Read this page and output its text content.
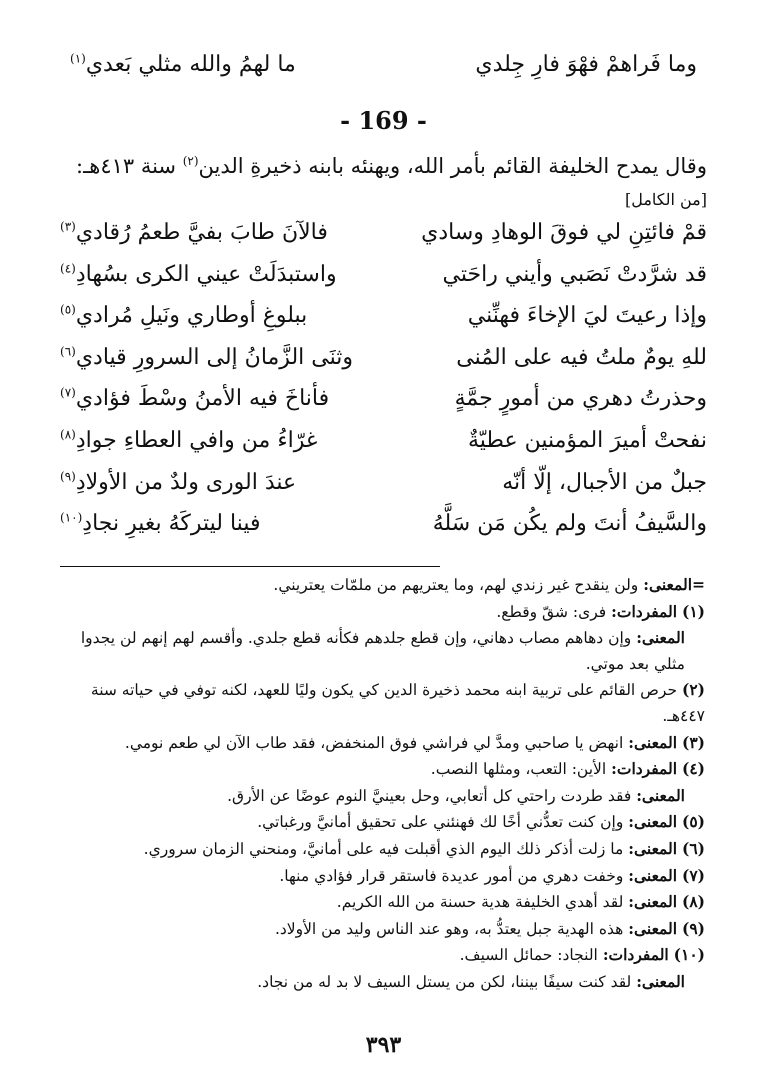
وما فَراهمْ فهْوَ فارِ جِلدي
ما لهمُ والله مثلي بَعدي$^{(١)}$
- 169 -
وقال يمدح الخليفة القائم بأمر الله، ويهنئه بابنه ذخيرةِ الدين$^{(٢)}$ سنة ٤١٣هـ: [من الكامل]
قمْ فائتِنِ لي فوقَ الوهادِ وسادي
فالآنَ طابَ بفيَّ طعمُ رُقادي$^{(٣)}$
قد شرَّدتْ نَصَبي وأيني راحَتي
واستبدَلَتْ عيني الكرى بسُهادِ$^{(٤)}$
وإذا رعيتَ ليَ الإخاءَ فهنِّني
ببلوغِ أوطاري ونَيلِ مُرادي$^{(٥)}$
للهِ يومٌ ملتُ فيه على المُنى
وثنَى الزَّمانُ إلى السرورِ قيادي$^{(٦)}$
وحذرتُ دهري من أمورٍ جمَّةٍ
فأناخَ فيه الأمنُ وسْطَ فؤادي$^{(٧)}$
نفحتْ أميرَ المؤمنين عطيّةٌ
غرّاءُ من وافي العطاءِ جوادِ$^{(٨)}$
جبلٌ من الأجبال، إلّا أنّه
عندَ الورى ولدٌ من الأولادِ$^{(٩)}$
والسَّيفُ أنتَ ولم يكُن مَن سَلَّهُ
فينا ليتركَهُ بغيرِ نجادِ$^{(١٠)}$

=المعنى: ولن ينقدح غير زندي لهم، وما يعتريهم من ملمّات يعتريني.

(١) المفردات: فرى: شقّ وقطع.

المعنى: وإن دهاهم مصاب دهاني، وإن قطع جلدهم فكأنه قطع جلدي. وأقسم لهم إنهم لن يجدوا مثلي بعد موتي.

(٢) حرص القائم على تربية ابنه محمد ذخيرة الدين كي يكون وليًا للعهد، لكنه توفي في حياته سنة ٤٤٧هـ.

(٣) المعنى: انهض يا صاحبي ومدَّ لي فراشي فوق المنخفض، فقد طاب الآن لي طعم نومي.

(٤) المفردات: الأين: التعب، ومثلها النصب.

المعنى: فقد طردت راحتي كل أتعابي، وحل بعينيَّ النوم عوضًا عن الأرق.

(٥) المعنى: وإن كنت تعدُّني أخًا لك فهنئني على تحقيق أمانيَّ ورغباتي.

(٦) المعنى: ما زلت أذكر ذلك اليوم الذي أقبلت فيه على أمانيَّ، ومنحني الزمان سروري.

(٧) المعنى: وخفت دهري من أمور عديدة فاستقر قرار فؤادي منها.

(٨) المعنى: لقد أهدي الخليفة هدية حسنة من الله الكريم.

(٩) المعنى: هذه الهدية جبل يعتدُّ به، وهو عند الناس وليد من الأولاد.

(١٠) المفردات: النجاد: حمائل السيف.

المعنى: لقد كنت سيفًا بيننا، لكن من يستل السيف لا بد له من نجاد.

٣٩٣
